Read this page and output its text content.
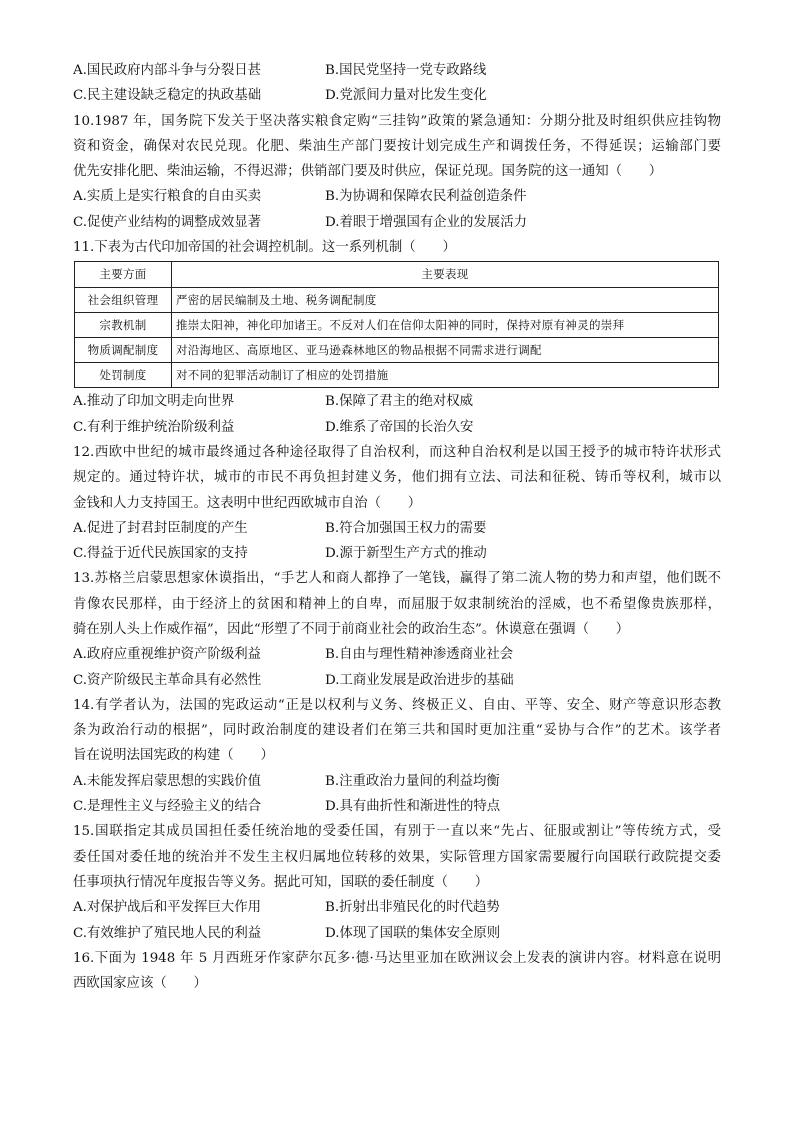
A.国民政府内部斗争与分裂日甚	B.国民党坚持一党专政路线
C.民主建设缺乏稳定的执政基础	D.党派间力量对比发生变化
10.1987 年，国务院下发关于坚决落实粮食定购“三挂钩”政策的紧急通知：分期分批及时组织供应挂钩物
资和资金，确保对农民兑现。化肥、柴油生产部门要按计划完成生产和调拨任务，不得延误；运输部门要
优先安排化肥、柴油运输，不得迟滞；供销部门要及时供应，保证兑现。国务院的这一通知（　　）
A.实质上是实行粮食的自由买卖	B.为协调和保障农民利益创造条件
C.促使产业结构的调整成效显著	D.着眼于增强国有企业的发展活力
11.下表为古代印加帝国的社会调控机制。这一系列机制（　　）
主要方面	主要表现
社会组织管理	严密的居民编制及土地、税务调配制度
宗教机制	推崇太阳神，神化印加诸王。不反对人们在信仰太阳神的同时，保持对原有神灵的崇拜
物质调配制度	对沿海地区、高原地区、亚马逊森林地区的物品根据不同需求进行调配
处罚制度	对不同的犯罪活动制订了相应的处罚措施
A.推动了印加文明走向世界	B.保障了君主的绝对权威
C.有利于维护统治阶级利益	D.维系了帝国的长治久安
12.西欧中世纪的城市最终通过各种途径取得了自治权利，而这种自治权利是以国王授予的城市特许状形式
规定的。通过特许状，城市的市民不再负担封建义务，他们拥有立法、司法和征税、铸币等权利，城市以
金钱和人力支持国王。这表明中世纪西欧城市自治（　　）
A.促进了封君封臣制度的产生	B.符合加强国王权力的需要
C.得益于近代民族国家的支持	D.源于新型生产方式的推动
13.苏格兰启蒙思想家休谟指出，“手艺人和商人都挣了一笔钱，赢得了第二流人物的势力和声望，他们既不
肯像农民那样，由于经济上的贫困和精神上的自卑，而屈服于奴隶制统治的淫威，也不希望像贵族那样，
骑在别人头上作威作福”，因此“形塑了不同于前商业社会的政治生态”。休谟意在强调（　　）
A.政府应重视维护资产阶级利益	B.自由与理性精神渗透商业社会
C.资产阶级民主革命具有必然性	D.工商业发展是政治进步的基础
14.有学者认为，法国的宪政运动“正是以权利与义务、终极正义、自由、平等、安全、财产等意识形态教
条为政治行动的根据”，同时政治制度的建设者们在第三共和国时更加注重“妥协与合作”的艺术。该学者
旨在说明法国宪政的构建（　　）
A.未能发挥启蒙思想的实践价值	B.注重政治力量间的利益均衡
C.是理性主义与经验主义的结合	D.具有曲折性和渐进性的特点
15.国联指定其成员国担任委任统治地的受委任国，有别于一直以来“先占、征服或割让”等传统方式，受
委任国对委任地的统治并不发生主权归属地位转移的效果，实际管理方国家需要履行向国联行政院提交委
任事项执行情况年度报告等义务。据此可知，国联的委任制度（　　）
A.对保护战后和平发挥巨大作用	B.折射出非殖民化的时代趋势
C.有效维护了殖民地人民的利益	D.体现了国联的集体安全原则
16.下面为 1948 年 5 月西班牙作家萨尔瓦多·德·马达里亚加在欧洲议会上发表的演讲内容。材料意在说明
西欧国家应该（　　）
